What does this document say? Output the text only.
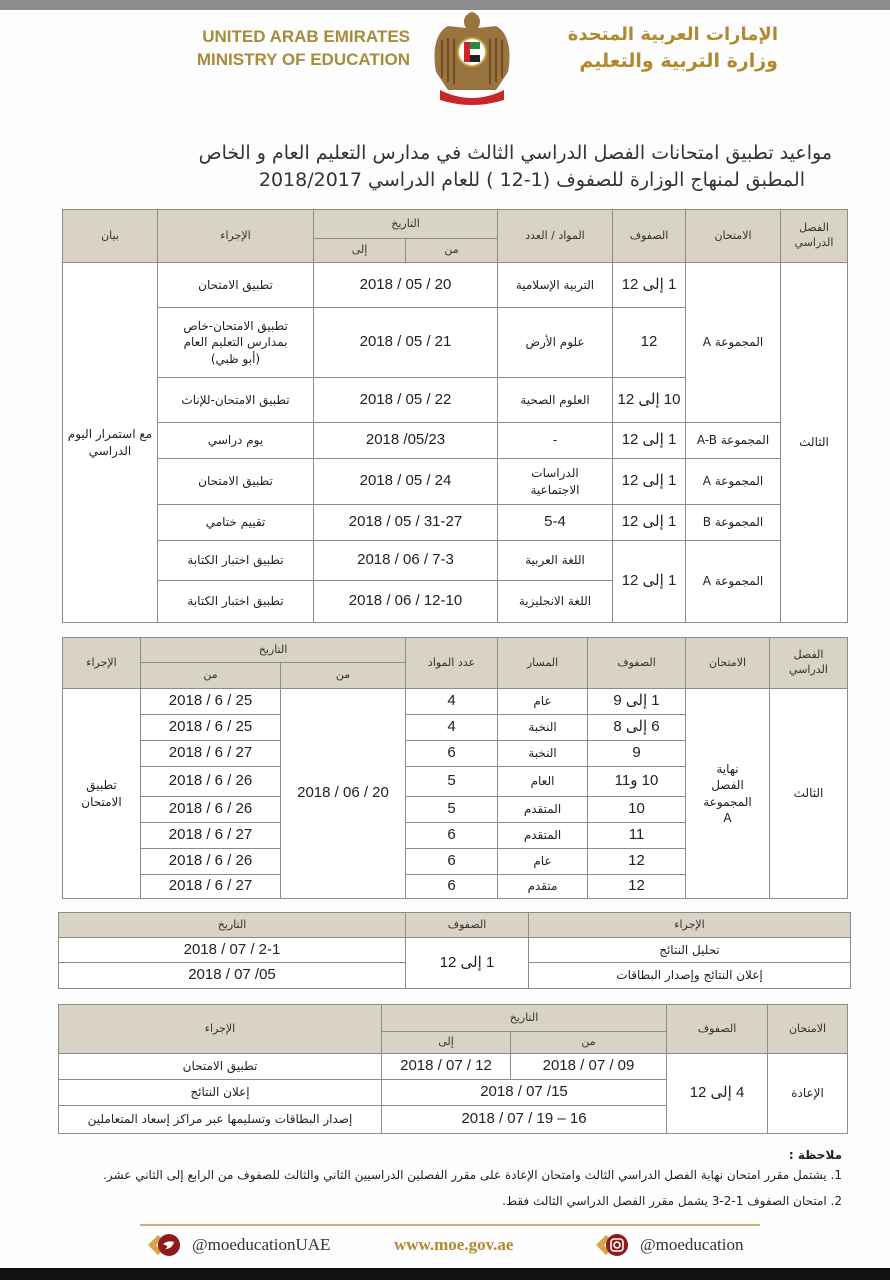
UNITED ARAB EMIRATES
MINISTRY OF EDUCATION
الإمارات العربية المتحدة
وزارة التربية والتعليم
مواعيد تطبيق امتحانات الفصل الدراسي الثالث في مدارس التعليم العام و الخاص
المطبق لمنهاج الوزارة للصفوف (1-12 ) للعام الدراسي 2018/2017
الفصل الدراسي	الامتحان	الصفوف	المواد / العدد	التاريخ		الإجراء	بيان
				من	إلى		
الثالث	المجموعة A	1 إلى 12	التربية الإسلامية	2018 / 05 / 20		تطبيق الامتحان	مع استمرار اليوم الدراسي
		12	علوم الأرض	2018 / 05 / 21		تطبيق الامتحان-خاص بمدارس التعليم العام (أبو ظبي)	
		10 إلى 12	العلوم الصحية	2018 / 05 / 22		تطبيق الامتحان-للإناث	
	المجموعة A-B	1 إلى 12	-	2018 /05/23		يوم دراسي	
	المجموعة A	1 إلى 12	الدراسات الاجتماعية	2018 / 05 / 24		تطبيق الامتحان	
	المجموعة B	1 إلى 12	5-4	2018 / 05 / 31-27		تقييم ختامي	
	المجموعة A	1 إلى 12	اللغة العربية	2018 / 06 / 7-3		تطبيق اختبار الكتابة	
			اللغة الانجليزية	2018 / 06 / 12-10		تطبيق اختبار الكتابة	
الفصل الدراسي	الامتحان	الصفوف	المسار	عدد المواد	التاريخ		الإجراء
					من	من	
الثالث	نهاية الفصل المجموعة A	1 إلى 9	عام	4	2018 / 06 / 20	2018 / 6 / 25	تطبيق الامتحان
		6 إلى 8	النخبة	4		2018 / 6 / 25	
		9	النخبة	6		2018 / 6 / 27	
		10 و11	العام	5		2018 / 6 / 26	
		10	المتقدم	5		2018 / 6 / 26	
		11	المتقدم	6		2018 / 6 / 27	
		12	عام	6		2018 / 6 / 26	
		12	متقدم	6		2018 / 6 / 27	
الإجراء	الصفوف	التاريخ
تحليل النتائج	1 إلى 12	2018 / 07 / 2-1
إعلان النتائج وإصدار البطاقات		2018 / 07 /05
الامتحان	الصفوف	التاريخ		الإجراء
		من	إلى	
الإعادة	4 إلى 12	2018 / 07 / 09	2018 / 07 / 12	تطبيق الامتحان
		2018 / 07 /15		إعلان النتائج
		2018 / 07 / 19 – 16		إصدار البطاقات وتسليمها عبر مراكز إسعاد المتعاملين
ملاحظة :
1. يشتمل مقرر امتحان نهاية الفصل الدراسي الثالث وامتحان الإعادة على مقرر الفصلين الدراسيين الثاني والثالث للصفوف من الرابع إلى الثاني عشر.
2. امتحان الصفوف 1-2-3 يشمل مقرر الفصل الدراسي الثالث فقط.
@moeducationUAE	www.moe.gov.ae	@moeducation
